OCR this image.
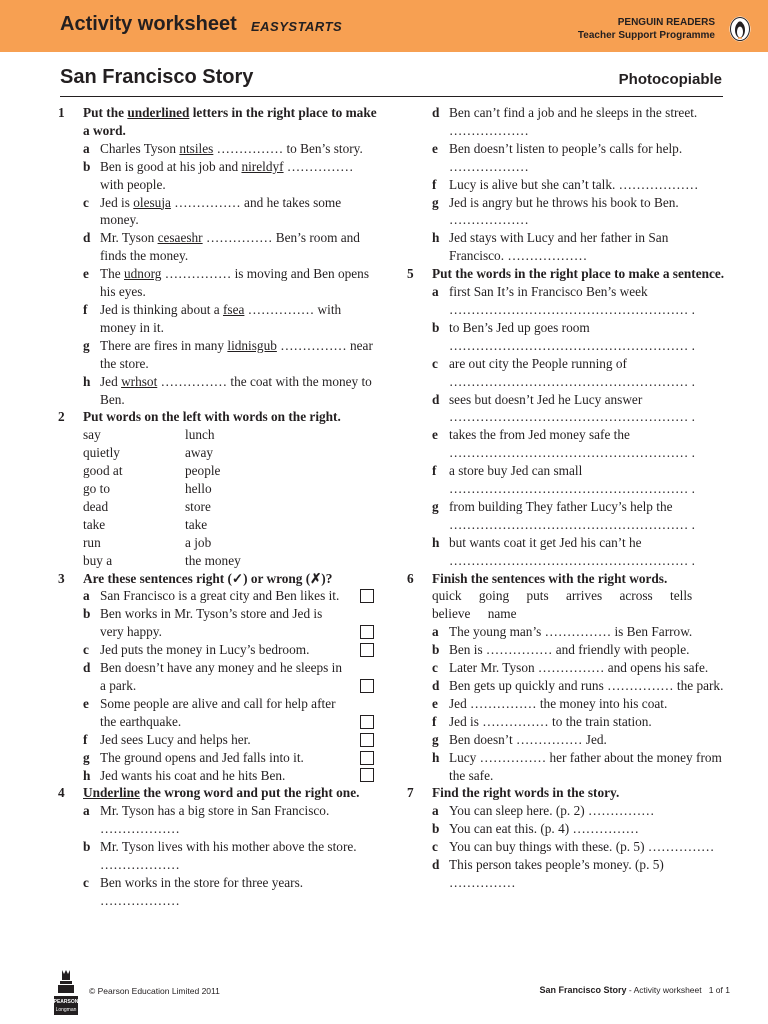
Activity worksheet EASYSTARTS	PENGUIN READERS
Teacher Support Programme
San Francisco Story	Photocopiable
1 Put the underlined letters in the right place to make a word.
a Charles Tyson ntsiles …………… to Ben’s story.
b Ben is good at his job and nireldyf …………… with people.
c Jed is olesuja …………… and he takes some money.
d Mr. Tyson cesaeshr …………… Ben’s room and finds the money.
e The udnorg …………… is moving and Ben opens his eyes.
f Jed is thinking about a fsea …………… with money in it.
g There are fires in many lidnisgub …………… near the store.
h Jed wrhsot …………… the coat with the money to Ben.
2 Put words on the left with words on the right.
say	lunch
quietly	away
good at	people
go to	hello
dead	store
take	take
run	a job
buy a	the money
3 Are these sentences right (✓) or wrong (✗)?
a San Francisco is a great city and Ben likes it.
b Ben works in Mr. Tyson’s store and Jed is very happy.
c Jed puts the money in Lucy’s bedroom.
d Ben doesn’t have any money and he sleeps in a park.
e Some people are alive and call for help after the earthquake.
f Jed sees Lucy and helps her.
g The ground opens and Jed falls into it.
h Jed wants his coat and he hits Ben.
4 Underline the wrong word and put the right one.
a Mr. Tyson has a big store in San Francisco. ………………
b Mr. Tyson lives with his mother above the store. ………………
c Ben works in the store for three years. ………………
d Ben can’t find a job and he sleeps in the street. ………………
e Ben doesn’t listen to people’s calls for help. ………………
f Lucy is alive but she can’t talk. ………………
g Jed is angry but he throws his book to Ben. ………………
h Jed stays with Lucy and her father in San Francisco. ………………
5 Put the words in the right place to make a sentence.
a first San It’s in Francisco Ben’s week
……………………………………………… .
b to Ben’s Jed up goes room
……………………………………………… .
c are out city the People running of
……………………………………………… .
d sees but doesn’t Jed he Lucy answer
……………………………………………… .
e takes the from Jed money safe the
……………………………………………… .
f a store buy Jed can small
……………………………………………… .
g from building They father Lucy’s help the
……………………………………………… .
h but wants coat it get Jed his can’t he
……………………………………………… .
6 Finish the sentences with the right words.
quick going puts arrives across tells believe name
a The young man’s …………… is Ben Farrow.
b Ben is …………… and friendly with people.
c Later Mr. Tyson …………… and opens his safe.
d Ben gets up quickly and runs …………… the park.
e Jed …………… the money into his coat.
f Jed is …………… to the train station.
g Ben doesn’t …………… Jed.
h Lucy …………… her father about the money from the safe.
7 Find the right words in the story.
a You can sleep here. (p. 2) ……………
b You can eat this. (p. 4) ……………
c You can buy things with these. (p. 5) ……………
d This person takes people’s money. (p. 5) ……………
PEARSON
Longman
© Pearson Education Limited 2011	San Francisco Story - Activity worksheet 1 of 1
